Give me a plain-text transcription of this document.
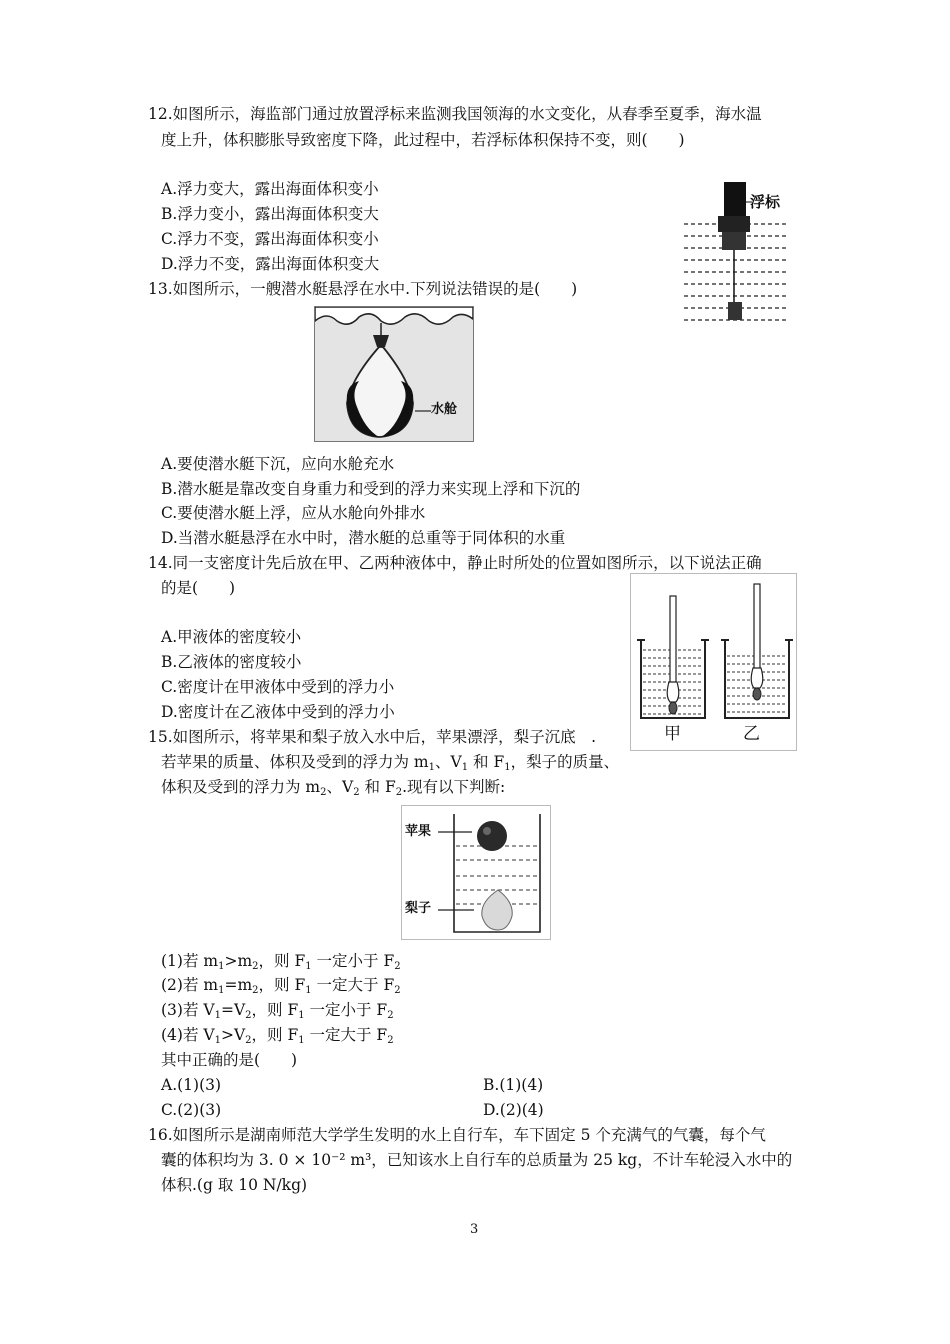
12.如图所示，海监部门通过放置浮标来监测我国领海的水文变化，从春季至夏季，海水温
度上升，体积膨胀导致密度下降，此过程中，若浮标体积保持不变，则(　　)
A.浮力变大，露出海面体积变小
B.浮力变小，露出海面体积变大
C.浮力不变，露出海面体积变小
D.浮力不变，露出海面体积变大
浮标
13.如图所示，一艘潜水艇悬浮在水中.下列说法错误的是(　　)
水舱
A.要使潜水艇下沉，应向水舱充水
B.潜水艇是靠改变自身重力和受到的浮力来实现上浮和下沉的
C.要使潜水艇上浮，应从水舱向外排水
D.当潜水艇悬浮在水中时，潜水艇的总重等于同体积的水重
14.同一支密度计先后放在甲、乙两种液体中，静止时所处的位置如图所示，以下说法正确
的是(　　)
A.甲液体的密度较小
B.乙液体的密度较小
C.密度计在甲液体中受到的浮力小
D.密度计在乙液体中受到的浮力小
甲	乙
15.如图所示，将苹果和梨子放入水中后，苹果漂浮，梨子沉底　.
若苹果的质量、体积及受到的浮力为 $m_1$、$V_1$ 和 $F_1$，梨子的质量、
体积及受到的浮力为 $m_2$、$V_2$ 和 $F_2$.现有以下判断:
苹果
梨子
(1)若 $m_1>m_2$，则 $F_1$ 一定小于 $F_2$
(2)若 $m_1=m_2$，则 $F_1$ 一定大于 $F_2$
(3)若 $V_1=V_2$，则 $F_1$ 一定小于 $F_2$
(4)若 $V_1>V_2$，则 $F_1$ 一定大于 $F_2$
其中正确的是(　　)
A.(1)(3)	B.(1)(4)
C.(2)(3)	D.(2)(4)
16.如图所示是湖南师范大学学生发明的水上自行车，车下固定 5 个充满气的气囊，每个气
囊的体积均为 3. 0 × 10⁻² m³，已知该水上自行车的总质量为 25 kg，不计车轮浸入水中的
体积.(g 取 10 N/kg)
3
